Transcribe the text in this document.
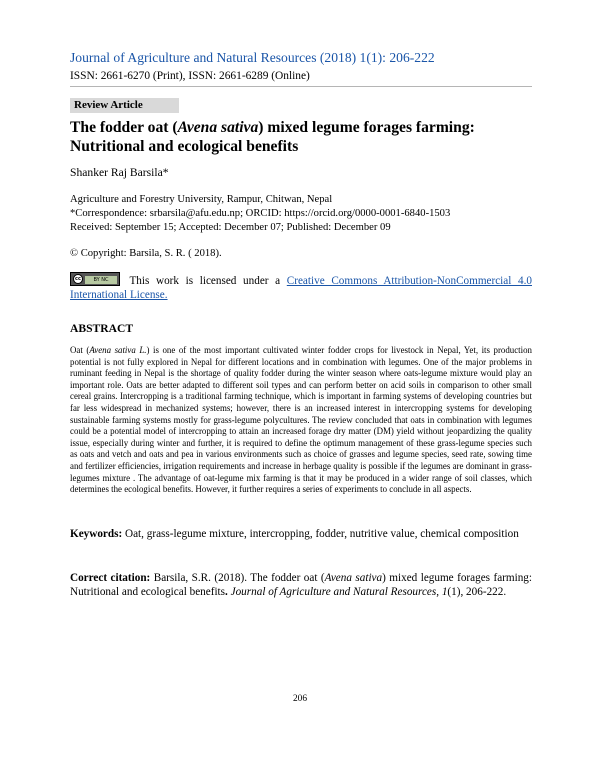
Journal of Agriculture and Natural Resources (2018) 1(1): 206-222
ISSN: 2661-6270 (Print), ISSN: 2661-6289 (Online)
Review Article
The fodder oat (Avena sativa) mixed legume forages farming:
Nutritional and ecological benefits
Shanker Raj Barsila*
Agriculture and Forestry University, Rampur, Chitwan, Nepal
*Correspondence: srbarsila@afu.edu.np; ORCID: https://orcid.org/0000-0001-6840-1503
Received: September 15; Accepted: December 07; Published: December 09
© Copyright: Barsila, S. R. ( 2018).
cc	BY NC	This work is licensed under a Creative Commons Attribution-NonCommercial 4.0 International License.
ABSTRACT
Oat (Avena sativa L.) is one of the most important cultivated winter fodder crops for livestock in Nepal, Yet, its production potential is not fully explored in Nepal for different locations and in combination with legumes. One of the major problems in ruminant feeding in Nepal is the shortage of quality fodder during the winter season where oats-legume mixture would play an important role. Oats are better adapted to different soil types and can perform better on acid soils in comparison to other small cereal grains. Intercropping is a traditional farming technique, which is important in farming systems of developing countries but far less widespread in mechanized systems; however, there is an increased interest in intercropping systems for developing sustainable farming systems mostly for grass-legume polycultures. The review concluded that oats in combination with legumes could be a potential model of intercropping to attain an increased forage dry matter (DM) yield without jeopardizing the quality issue, especially during winter and further, it is required to define the optimum management of these grass-legume species such as oats and vetch and oats and pea in various environments such as choice of grasses and legume species, seed rate, sowing time and fertilizer efficiencies, irrigation requirements and increase in herbage quality is possible if the legumes are dominant in grass-legumes mixture . The advantage of oat-legume mix farming is that it may be produced in a wider range of soil classes, which determines the ecological benefits. However, it further requires a series of experiments to conclude in all aspects.
Keywords: Oat, grass-legume mixture, intercropping, fodder, nutritive value, chemical composition
Correct citation: Barsila, S.R. (2018). The fodder oat (Avena sativa) mixed legume forages farming: Nutritional and ecological benefits. Journal of Agriculture and Natural Resources, 1(1), 206-222.
206
